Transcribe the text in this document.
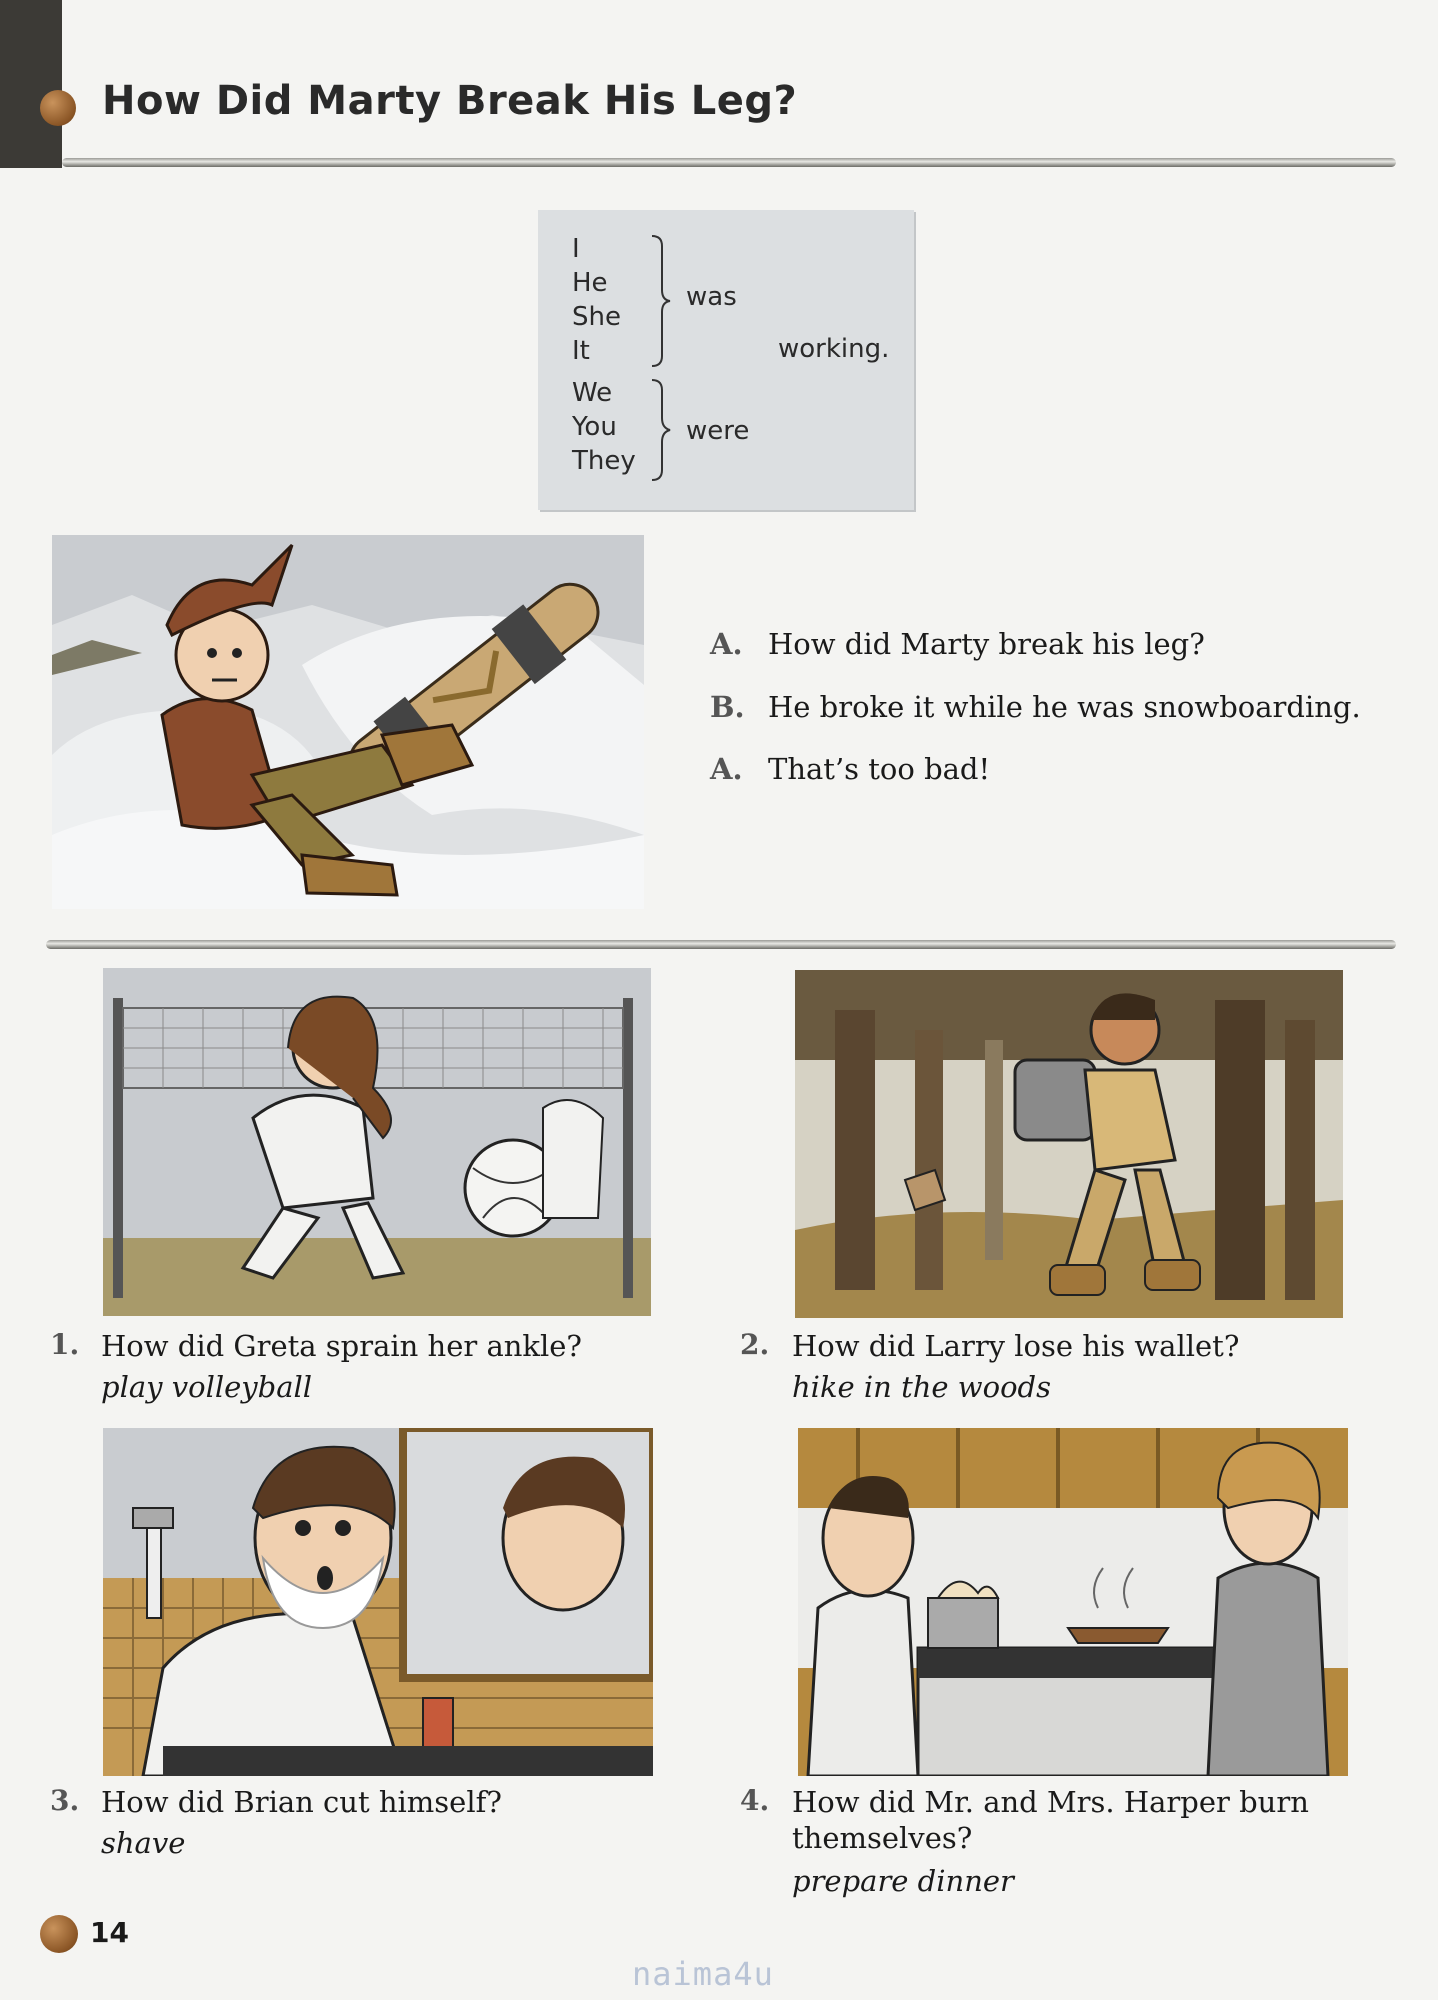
How Did Marty Break His Leg?
I
He
She
It
was
working.
We
You
They
were
A. How did Marty break his leg?
B. He broke it while he was snowboarding.
A. That’s too bad!
1. How did Greta sprain her ankle?
play volleyball
2. How did Larry lose his wallet?
hike in the woods
3. How did Brian cut himself?
shave
4. How did Mr. and Mrs. Harper burn
themselves?
prepare dinner
14
naima4u
